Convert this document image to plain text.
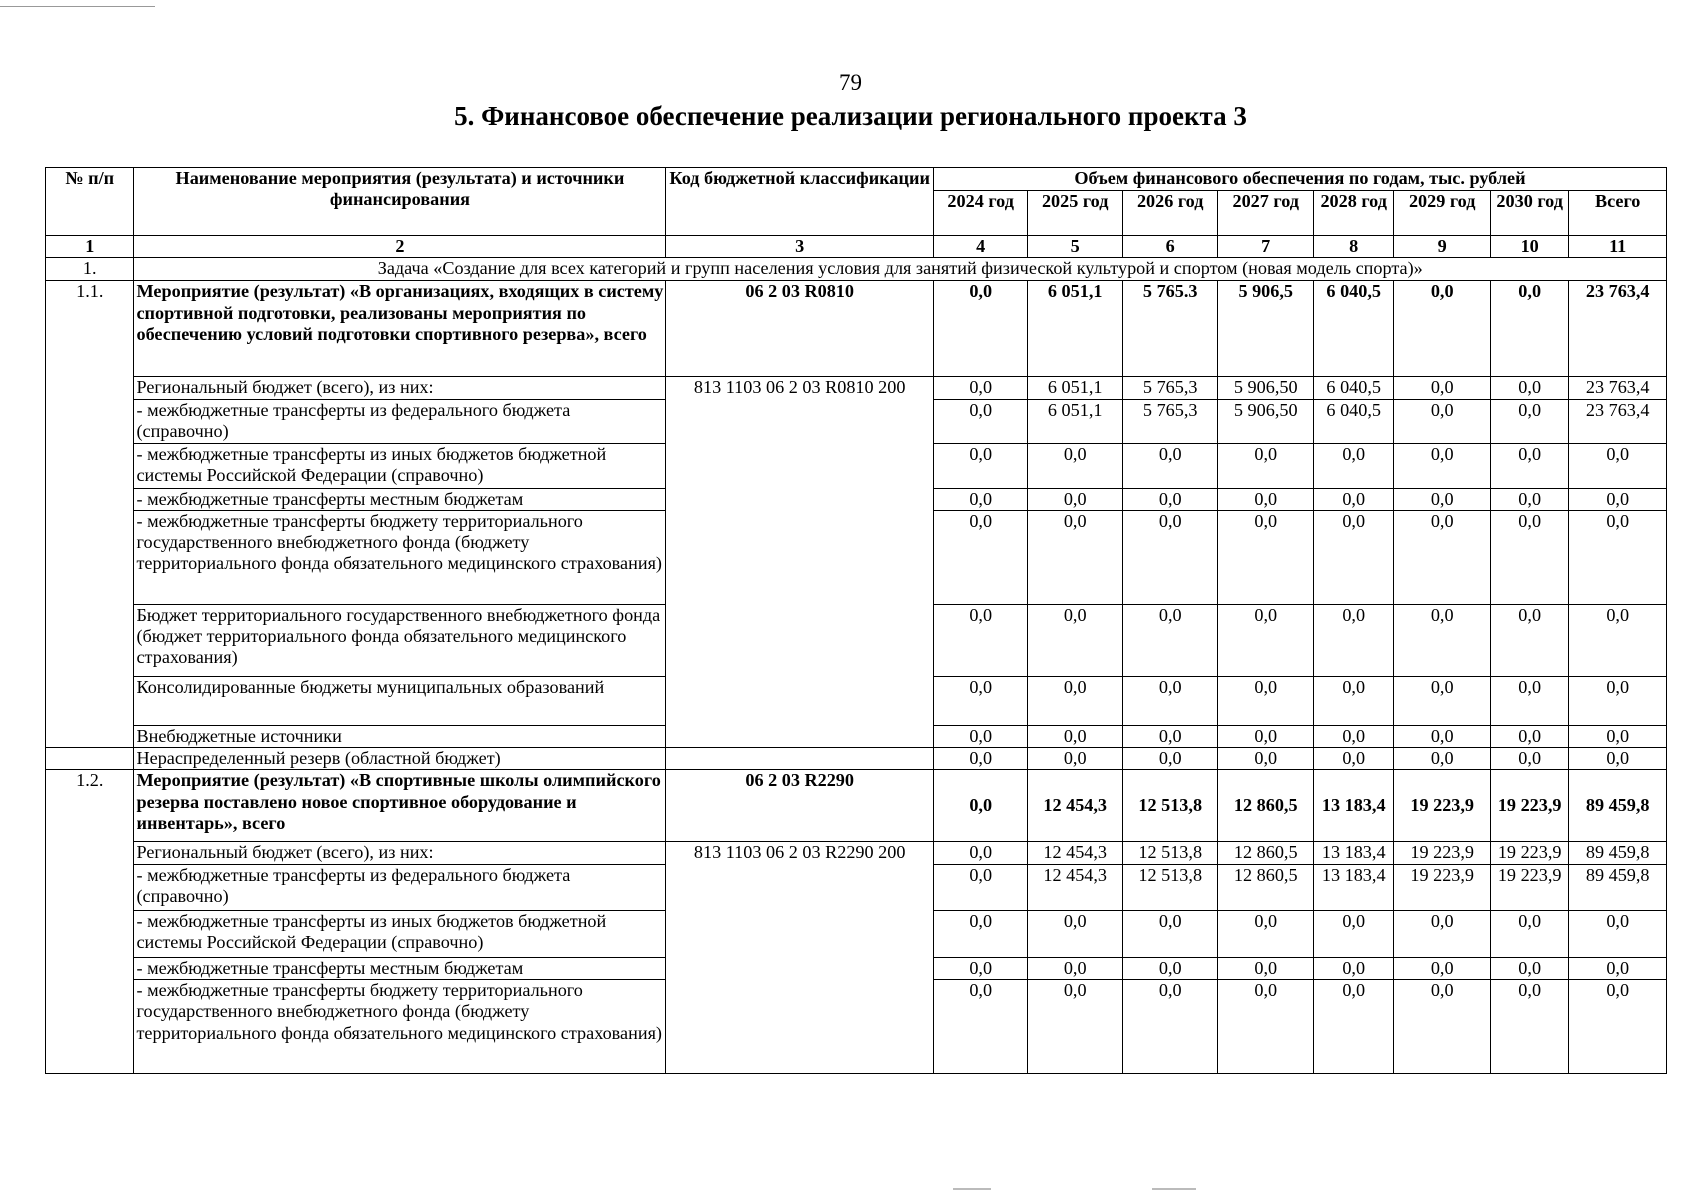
79
5. Финансовое обеспечение реализации регионального проекта 3
№ п/п	Наименование мероприятия (результата) и источники финансирования	Код бюджетной классификации	Объем финансового обеспечения по годам, тыс. рублей							
			2024 год	2025 год	2026 год	2027 год	2028 год	2029 год	2030 год	Всего
1	2	3	4	5	6	7	8	9	10	11
1.	Задача «Создание для всех категорий и групп населения условия для занятий физической культурой и спортом (новая модель спорта)»									
1.1.	Мероприятие (результат) «В организациях, входящих в систему спортивной подготовки, реализованы мероприятия по обеспечению условий подготовки спортивного резерва», всего	06 2 03 R0810	0,0	6 051,1	5 765.3	5 906,5	6 040,5	0,0	0,0	23 763,4
	Региональный бюджет (всего), из них:	813 1103 06 2 03 R0810 200	0,0	6 051,1	5 765,3	5 906,50	6 040,5	0,0	0,0	23 763,4
	- межбюджетные трансферты из федерального бюджета (справочно)		0,0	6 051,1	5 765,3	5 906,50	6 040,5	0,0	0,0	23 763,4
	- межбюджетные трансферты из иных бюджетов бюджетной системы Российской Федерации (справочно)		0,0	0,0	0,0	0,0	0,0	0,0	0,0	0,0
	- межбюджетные трансферты местным бюджетам		0,0	0,0	0,0	0,0	0,0	0,0	0,0	0,0
	- межбюджетные трансферты бюджету территориального государственного внебюджетного фонда (бюджету территориального фонда обязательного медицинского страхования)		0,0	0,0	0,0	0,0	0,0	0,0	0,0	0,0
	Бюджет территориального государственного внебюджетного фонда (бюджет территориального фонда обязательного медицинского страхования)		0,0	0,0	0,0	0,0	0,0	0,0	0,0	0,0
	Консолидированные бюджеты муниципальных образований		0,0	0,0	0,0	0,0	0,0	0,0	0,0	0,0
	Внебюджетные источники		0,0	0,0	0,0	0,0	0,0	0,0	0,0	0,0
	Нераспределенный резерв (областной бюджет)		0,0	0,0	0,0	0,0	0,0	0,0	0,0	0,0
1.2.	Мероприятие (результат) «В спортивные школы олимпийского резерва поставлено новое спортивное оборудование и инвентарь», всего	06 2 03 R2290	0,0	12 454,3	12 513,8	12 860,5	13 183,4	19 223,9	19 223,9	89 459,8
	Региональный бюджет (всего), из них:	813 1103 06 2 03 R2290 200	0,0	12 454,3	12 513,8	12 860,5	13 183,4	19 223,9	19 223,9	89 459,8
	- межбюджетные трансферты из федерального бюджета (справочно)		0,0	12 454,3	12 513,8	12 860,5	13 183,4	19 223,9	19 223,9	89 459,8
	- межбюджетные трансферты из иных бюджетов бюджетной системы Российской Федерации (справочно)		0,0	0,0	0,0	0,0	0,0	0,0	0,0	0,0
	- межбюджетные трансферты местным бюджетам		0,0	0,0	0,0	0,0	0,0	0,0	0,0	0,0
	- межбюджетные трансферты бюджету территориального государственного внебюджетного фонда (бюджету территориального фонда обязательного медицинского страхования)		0,0	0,0	0,0	0,0	0,0	0,0	0,0	0,0
